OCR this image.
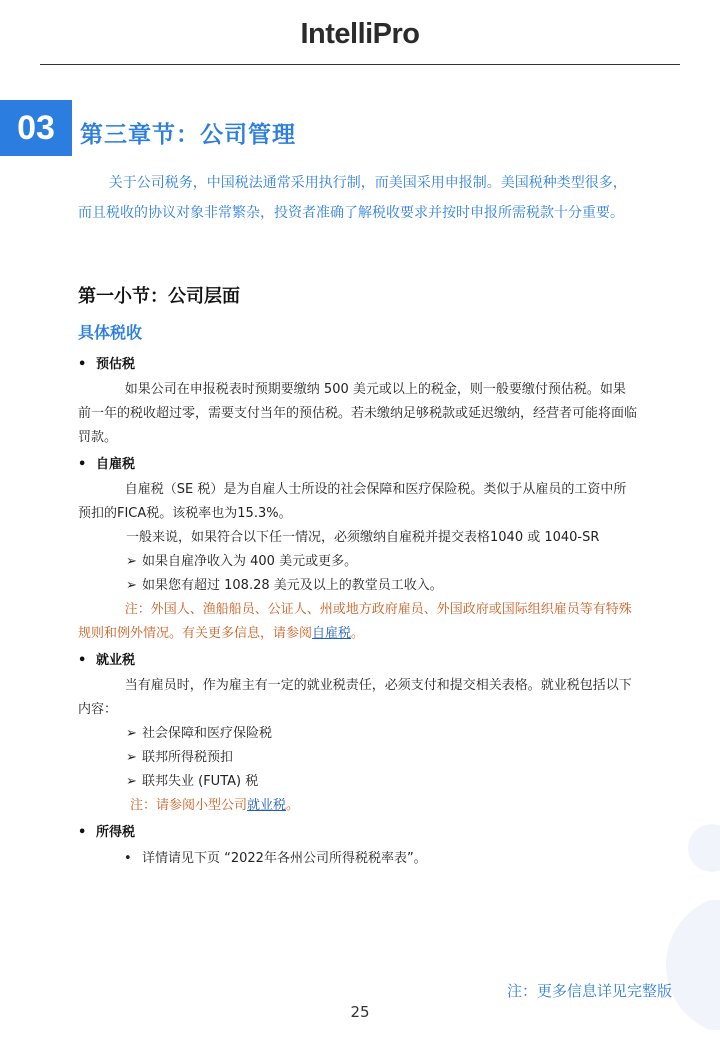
IntelliPro
03	第三章节：公司管理

关于公司税务，中国税法通常采用执行制，而美国采用申报制。美国税种类型很多，而且税收的协议对象非常繁杂，投资者准确了解税收要求并按时申报所需税款十分重要。

第一小节：公司层面
具体税收

• 预估税

如果公司在申报税表时预期要缴纳 500 美元或以上的税金，则一般要缴付预估税。如果前一年的税收超过零，需要支付当年的预估税。若未缴纳足够税款或延迟缴纳，经营者可能将面临罚款。

• 自雇税

自雇税（SE 税）是为自雇人士所设的社会保障和医疗保险税。类似于从雇员的工资中所预扣的FICA税。该税率也为15.3%。

一般来说，如果符合以下任一情况，必须缴纳自雇税并提交表格1040 或 1040-SR

➢ 如果自雇净收入为 400 美元或更多。

➢ 如果您有超过 108.28 美元及以上的教堂员工收入。

注：外国人、渔船船员、公证人、州或地方政府雇员、外国政府或国际组织雇员等有特殊规则和例外情况。有关更多信息，请参阅自雇税。

• 就业税

当有雇员时，作为雇主有一定的就业税责任，必须支付和提交相关表格。就业税包括以下内容：

➢ 社会保障和医疗保险税

➢ 联邦所得税预扣

➢ 联邦失业 (FUTA) 税

注：请参阅小型公司就业税。

• 所得税

• 详情请见下页 “2022年各州公司所得税税率表”。

注：更多信息详见完整版
25
